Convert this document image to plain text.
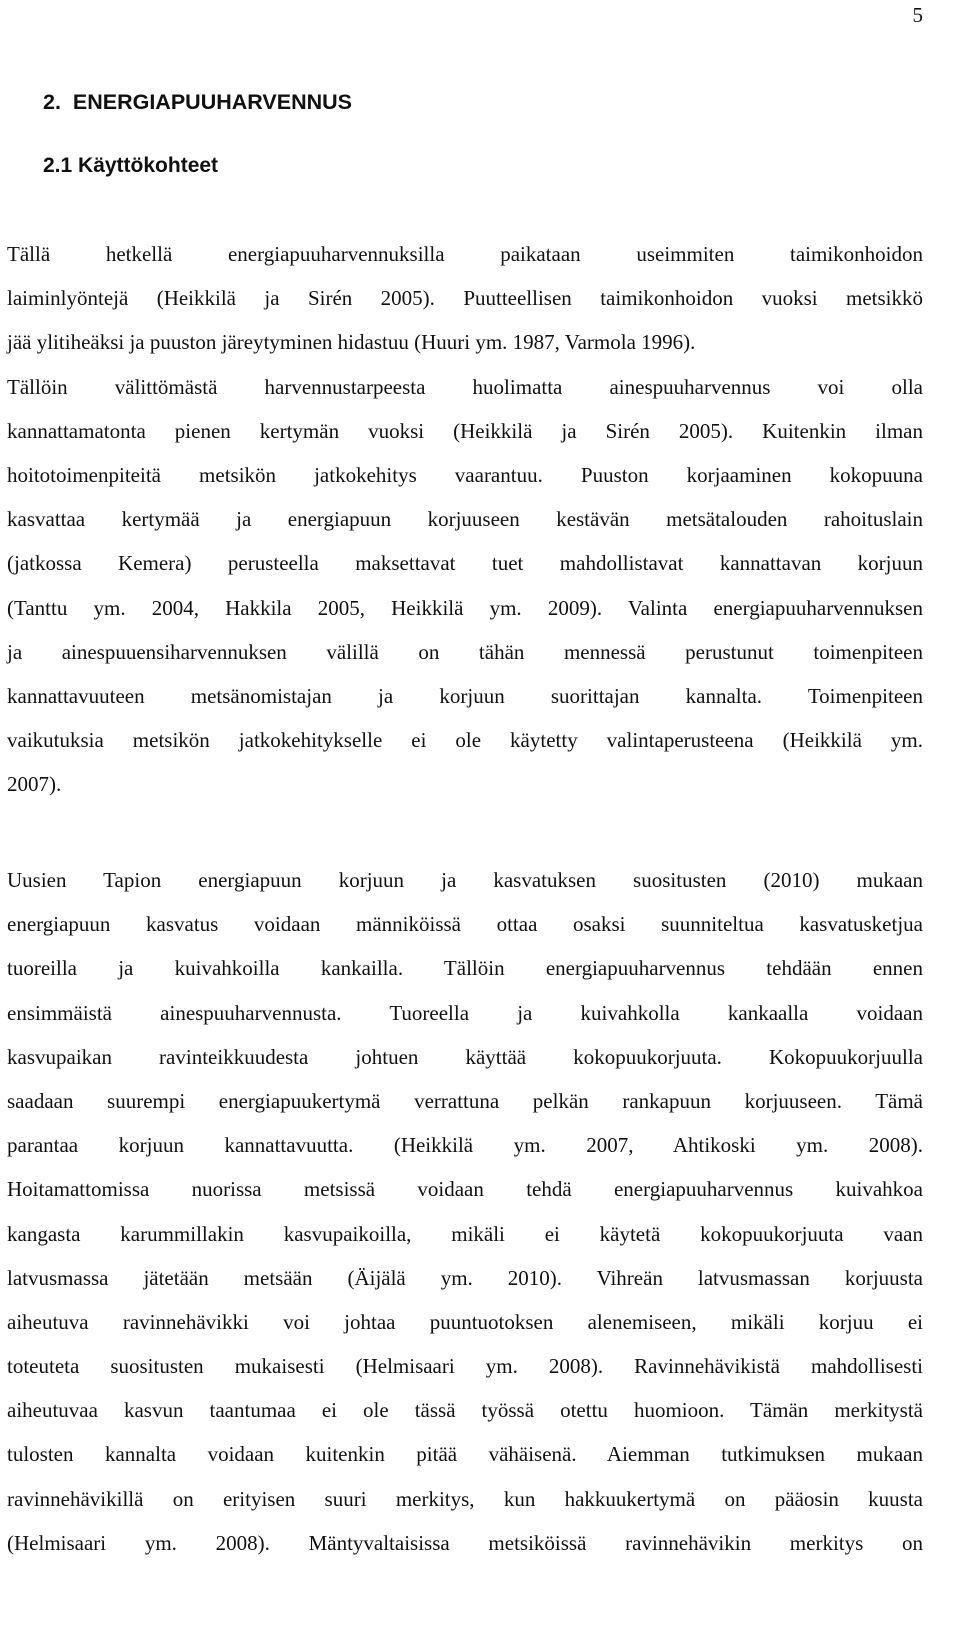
5
2.  ENERGIAPUUHARVENNUS
2.1 Käyttökohteet
Tällä hetkellä energiapuuharvennuksilla paikataan useimmiten taimikonhoidon
laiminlyöntejä (Heikkilä ja Sirén 2005). Puutteellisen taimikonhoidon vuoksi metsikkö
jää ylitiheäksi ja puuston järeytyminen hidastuu (Huuri ym. 1987, Varmola 1996).
Tällöin välittömästä harvennustarpeesta huolimatta ainespuuharvennus voi olla
kannattamatonta pienen kertymän vuoksi (Heikkilä ja Sirén 2005). Kuitenkin ilman
hoitotoimenpiteitä metsikön jatkokehitys vaarantuu. Puuston korjaaminen kokopuuna
kasvattaa kertymää ja energiapuun korjuuseen kestävän metsätalouden rahoituslain
(jatkossa Kemera) perusteella maksettavat tuet mahdollistavat kannattavan korjuun
(Tanttu ym. 2004, Hakkila 2005, Heikkilä ym. 2009). Valinta energiapuuharvennuksen
ja ainespuuensiharvennuksen välillä on tähän mennessä perustunut toimenpiteen
kannattavuuteen metsänomistajan ja korjuun suorittajan kannalta. Toimenpiteen
vaikutuksia metsikön jatkokehitykselle ei ole käytetty valintaperusteena (Heikkilä ym.
2007).
Uusien Tapion energiapuun korjuun ja kasvatuksen suositusten (2010) mukaan
energiapuun kasvatus voidaan männiköissä ottaa osaksi suunniteltua kasvatusketjua
tuoreilla ja kuivahkoilla kankailla. Tällöin energiapuuharvennus tehdään ennen
ensimmäistä ainespuuharvennusta. Tuoreella ja kuivahkolla kankaalla voidaan
kasvupaikan ravinteikkuudesta johtuen käyttää kokopuukorjuuta. Kokopuukorjuulla
saadaan suurempi energiapuukertymä verrattuna pelkän rankapuun korjuuseen. Tämä
parantaa korjuun kannattavuutta. (Heikkilä ym. 2007, Ahtikoski ym. 2008).
Hoitamattomissa nuorissa metsissä voidaan tehdä energiapuuharvennus kuivahkoa
kangasta karummillakin kasvupaikoilla, mikäli ei käytetä kokopuukorjuuta vaan
latvusmassa jätetään metsään (Äijälä ym. 2010). Vihreän latvusmassan korjuusta
aiheutuva ravinnehävikki voi johtaa puuntuotoksen alenemiseen, mikäli korjuu ei
toteuteta suositusten mukaisesti (Helmisaari ym. 2008). Ravinnehävikistä mahdollisesti
aiheutuvaa kasvun taantumaa ei ole tässä työssä otettu huomioon. Tämän merkitystä
tulosten kannalta voidaan kuitenkin pitää vähäisenä. Aiemman tutkimuksen mukaan
ravinnehävikillä on erityisen suuri merkitys, kun hakkuukertymä on pääosin kuusta
(Helmisaari ym. 2008). Mäntyvaltaisissa metsiköissä ravinnehävikin merkitys on
